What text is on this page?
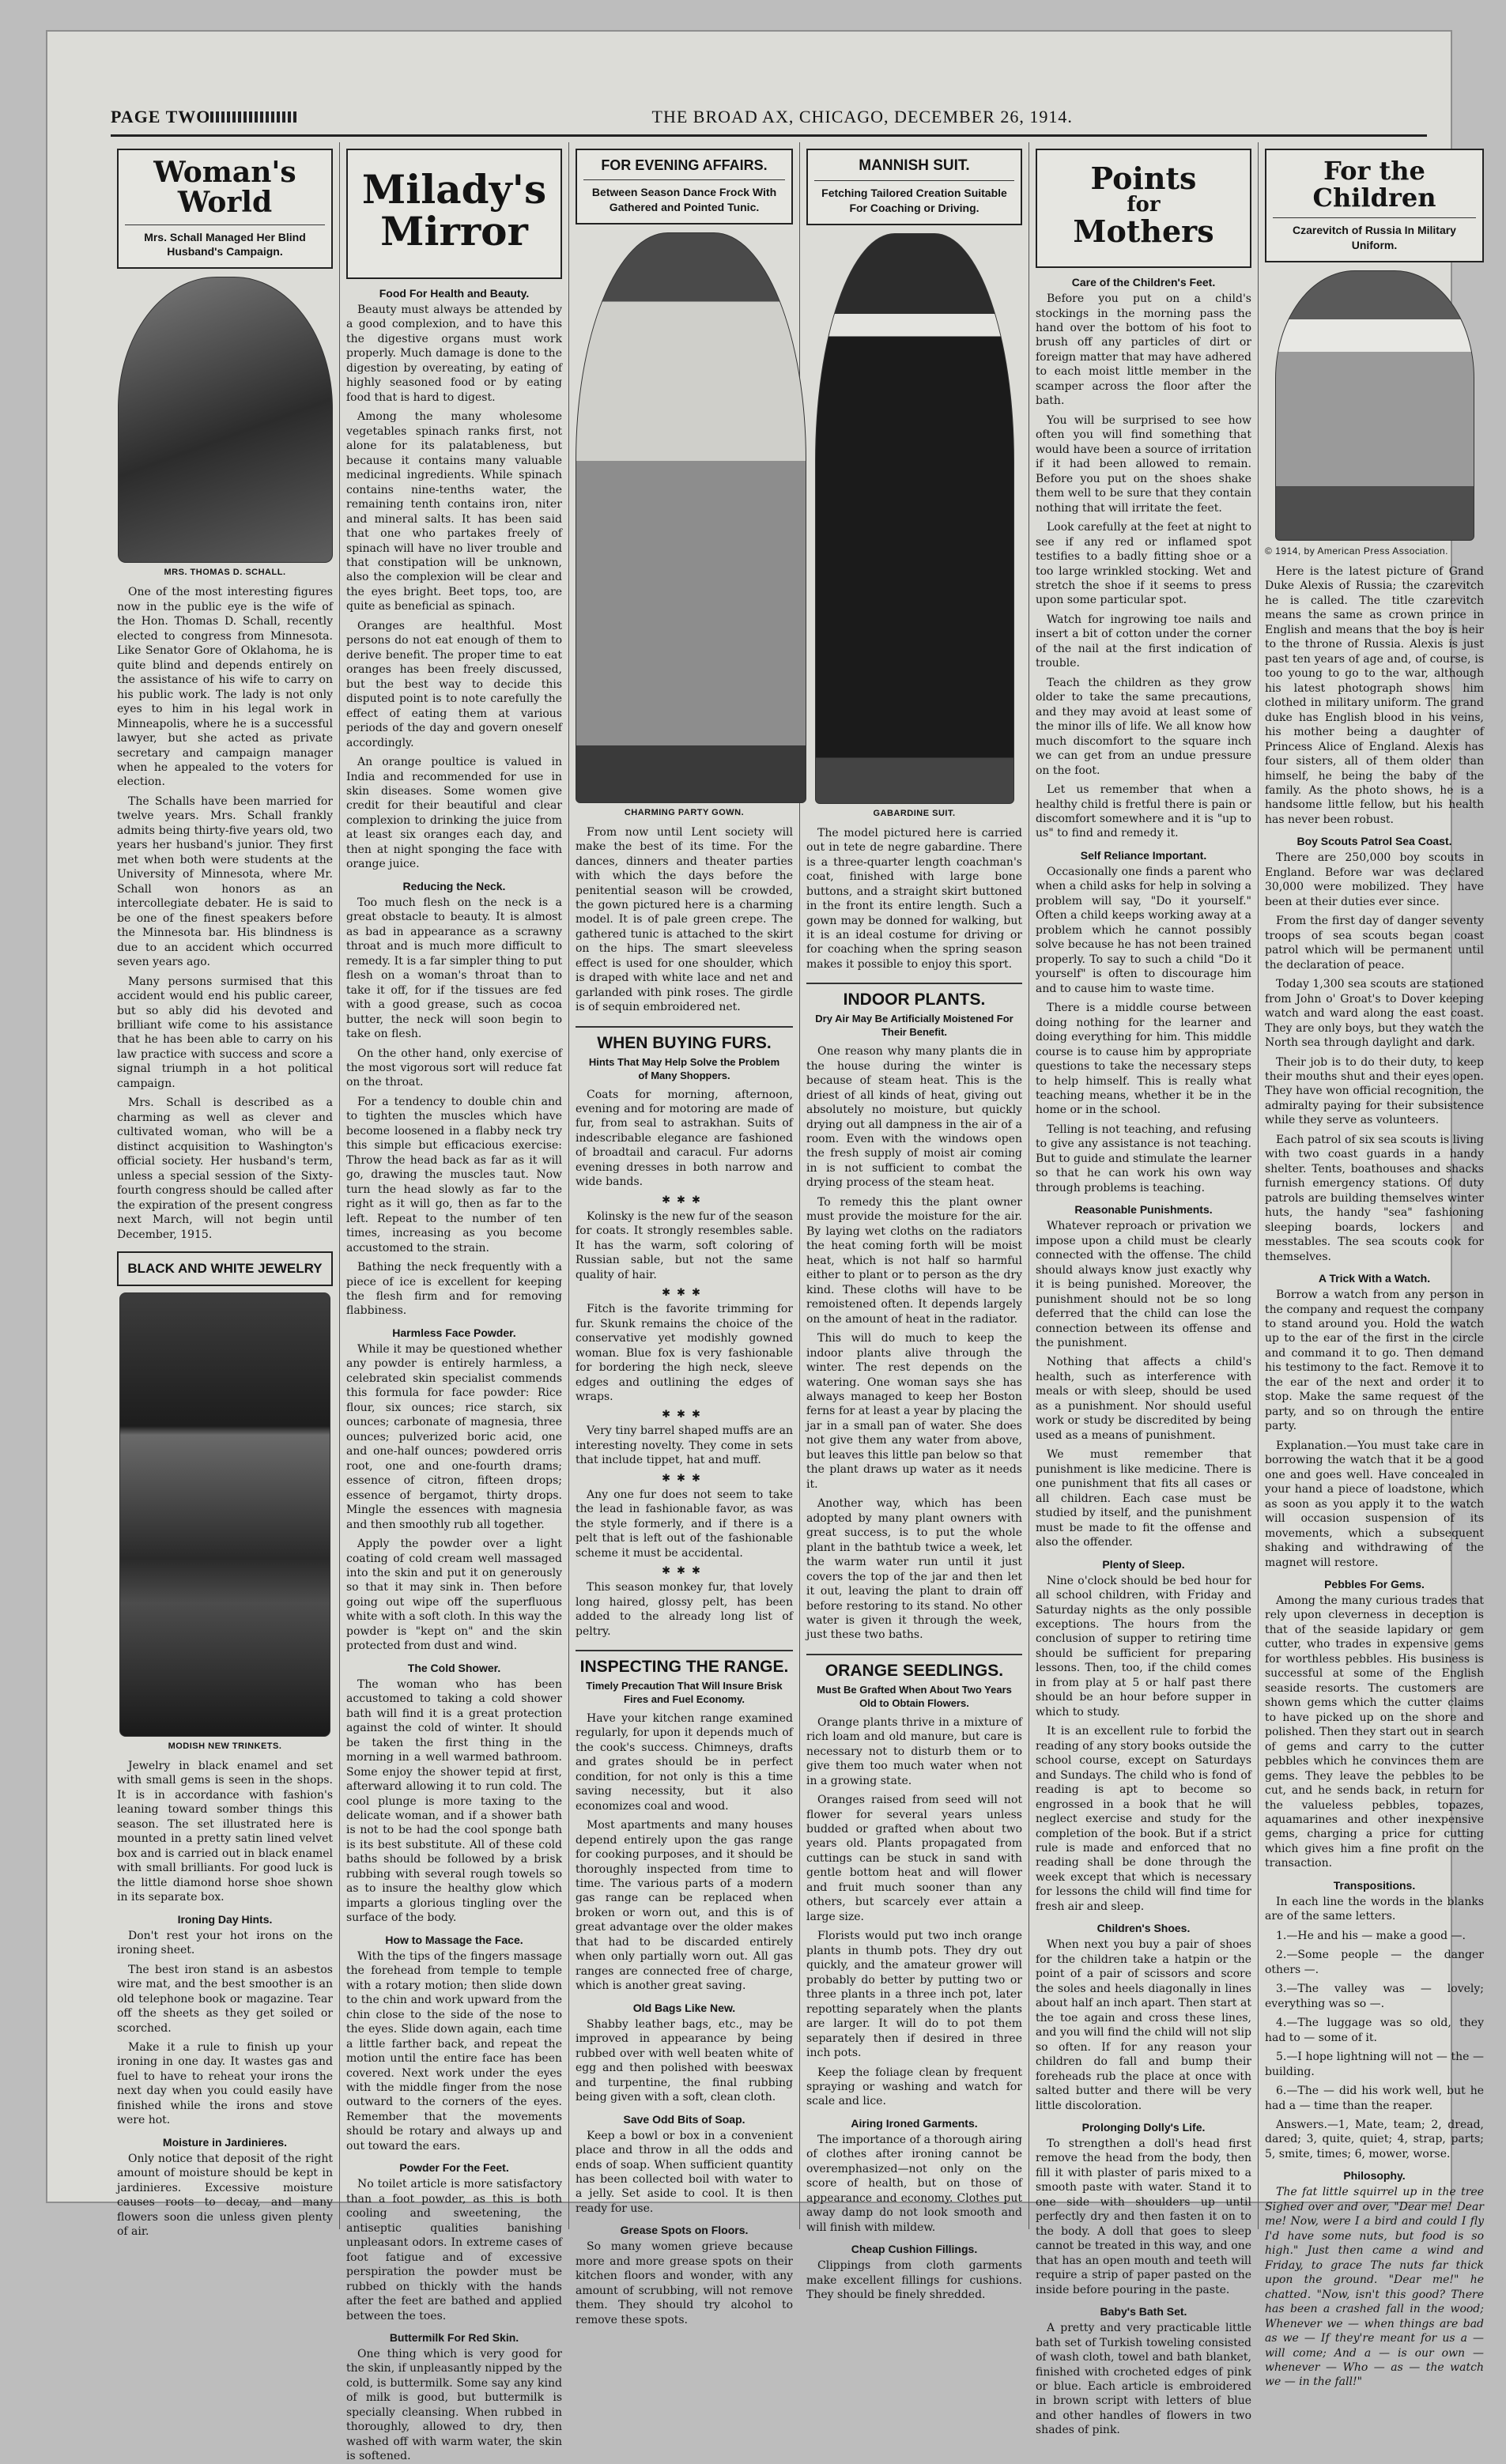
PAGE TWO	THE BROAD AX, CHICAGO, DECEMBER 26, 1914.
Woman's World
Mrs. Schall Managed Her Blind Husband's Campaign.
MRS. THOMAS D. SCHALL.

One of the most interesting figures now in the public eye is the wife of the Hon. Thomas D. Schall, recently elected to congress from Minnesota. Like Senator Gore of Oklahoma, he is quite blind and depends entirely on the assistance of his wife to carry on his public work. The lady is not only eyes to him in his legal work in Minneapolis, where he is a successful lawyer, but she acted as private secretary and campaign manager when he appealed to the voters for election.

The Schalls have been married for twelve years. Mrs. Schall frankly admits being thirty-five years old, two years her husband's junior. They first met when both were students at the University of Minnesota, where Mr. Schall won honors as an intercollegiate debater. He is said to be one of the finest speakers before the Minnesota bar. His blindness is due to an accident which occurred seven years ago.

Many persons surmised that this accident would end his public career, but so ably did his devoted and brilliant wife come to his assistance that he has been able to carry on his law practice with success and score a signal triumph in a hot political campaign.

Mrs. Schall is described as a charming as well as clever and cultivated woman, who will be a distinct acquisition to Washington's official society. Her husband's term, unless a special session of the Sixty-fourth congress should be called after the expiration of the present congress next March, will not begin until December, 1915.

BLACK AND WHITE JEWELRY
MODISH NEW TRINKETS.

Jewelry in black enamel and set with small gems is seen in the shops. It is in accordance with fashion's leaning toward somber things this season. The set illustrated here is mounted in a pretty satin lined velvet box and is carried out in black enamel with small brilliants. For good luck is the little diamond horse shoe shown in its separate box.

Ironing Day Hints.

Don't rest your hot irons on the ironing sheet.

The best iron stand is an asbestos wire mat, and the best smoother is an old telephone book or magazine. Tear off the sheets as they get soiled or scorched.

Make it a rule to finish up your ironing in one day. It wastes gas and fuel to have to reheat your irons the next day when you could easily have finished while the irons and stove were hot.

Moisture in Jardinieres.

Only notice that deposit of the right amount of moisture should be kept in jardinieres. Excessive moisture causes roots to decay, and many flowers soon die unless given plenty of air.

Milady's
Mirror
Food For Health and Beauty.

Beauty must always be attended by a good complexion, and to have this the digestive organs must work properly. Much damage is done to the digestion by overeating, by eating of highly seasoned food or by eating food that is hard to digest.

Among the many wholesome vegetables spinach ranks first, not alone for its palatableness, but because it contains many valuable medicinal ingredients. While spinach contains nine-tenths water, the remaining tenth contains iron, niter and mineral salts. It has been said that one who partakes freely of spinach will have no liver trouble and that constipation will be unknown, also the complexion will be clear and the eyes bright. Beet tops, too, are quite as beneficial as spinach.

Oranges are healthful. Most persons do not eat enough of them to derive benefit. The proper time to eat oranges has been freely discussed, but the best way to decide this disputed point is to note carefully the effect of eating them at various periods of the day and govern oneself accordingly.

An orange poultice is valued in India and recommended for use in skin diseases. Some women give credit for their beautiful and clear complexion to drinking the juice from at least six oranges each day, and then at night sponging the face with orange juice.

Reducing the Neck.

Too much flesh on the neck is a great obstacle to beauty. It is almost as bad in appearance as a scrawny throat and is much more difficult to remedy. It is a far simpler thing to put flesh on a woman's throat than to take it off, for if the tissues are fed with a good grease, such as cocoa butter, the neck will soon begin to take on flesh.

On the other hand, only exercise of the most vigorous sort will reduce fat on the throat.

For a tendency to double chin and to tighten the muscles which have become loosened in a flabby neck try this simple but efficacious exercise: Throw the head back as far as it will go, drawing the muscles taut. Now turn the head slowly as far to the right as it will go, then as far to the left. Repeat to the number of ten times, increasing as you become accustomed to the strain.

Bathing the neck frequently with a piece of ice is excellent for keeping the flesh firm and for removing flabbiness.

Harmless Face Powder.

While it may be questioned whether any powder is entirely harmless, a celebrated skin specialist commends this formula for face powder: Rice flour, six ounces; rice starch, six ounces; carbonate of magnesia, three ounces; pulverized boric acid, one and one-half ounces; powdered orris root, one and one-fourth drams; essence of citron, fifteen drops; essence of bergamot, thirty drops. Mingle the essences with magnesia and then smoothly rub all together.

Apply the powder over a light coating of cold cream well massaged into the skin and put it on generously so that it may sink in. Then before going out wipe off the superfluous white with a soft cloth. In this way the powder is "kept on" and the skin protected from dust and wind.

The Cold Shower.

The woman who has been accustomed to taking a cold shower bath will find it is a great protection against the cold of winter. It should be taken the first thing in the morning in a well warmed bathroom. Some enjoy the shower tepid at first, afterward allowing it to run cold. The cool plunge is more taxing to the delicate woman, and if a shower bath is not to be had the cool sponge bath is its best substitute. All of these cold baths should be followed by a brisk rubbing with several rough towels so as to insure the healthy glow which imparts a glorious tingling over the surface of the body.

How to Massage the Face.

With the tips of the fingers massage the forehead from temple to temple with a rotary motion; then slide down to the chin and work upward from the chin close to the side of the nose to the eyes. Slide down again, each time a little farther back, and repeat the motion until the entire face has been covered. Next work under the eyes with the middle finger from the nose outward to the corners of the eyes. Remember that the movements should be rotary and always up and out toward the ears.

Powder For the Feet.

No toilet article is more satisfactory than a foot powder, as this is both cooling and sweetening, the antiseptic qualities banishing unpleasant odors. In extreme cases of foot fatigue and of excessive perspiration the powder must be rubbed on thickly with the hands after the feet are bathed and applied between the toes.

Buttermilk For Red Skin.

One thing which is very good for the skin, if unpleasantly nipped by the cold, is buttermilk. Some say any kind of milk is good, but buttermilk is specially cleansing. When rubbed in thoroughly, allowed to dry, then washed off with warm water, the skin is softened.

FOR EVENING AFFAIRS.
Between Season Dance Frock With Gathered and Pointed Tunic.
CHARMING PARTY GOWN.

From now until Lent society will make the best of its time. For the dances, dinners and theater parties with which the days before the penitential season will be crowded, the gown pictured here is a charming model. It is of pale green crepe. The gathered tunic is attached to the skirt on the hips. The smart sleeveless effect is used for one shoulder, which is draped with white lace and net and garlanded with pink roses. The girdle is of sequin embroidered net.

WHEN BUYING FURS.
Hints That May Help Solve the Problem of Many Shoppers.

Coats for morning, afternoon, evening and for motoring are made of fur, from seal to astrakhan. Suits of indescribable elegance are fashioned of broadtail and caracul. Fur adorns evening dresses in both narrow and wide bands.

✱✱✱

Kolinsky is the new fur of the season for coats. It strongly resembles sable. It has the warm, soft coloring of Russian sable, but not the same quality of hair.

✱✱✱

Fitch is the favorite trimming for fur. Skunk remains the choice of the conservative yet modishly gowned woman. Blue fox is very fashionable for bordering the high neck, sleeve edges and outlining the edges of wraps.

✱✱✱

Very tiny barrel shaped muffs are an interesting novelty. They come in sets that include tippet, hat and muff.

✱✱✱

Any one fur does not seem to take the lead in fashionable favor, as was the style formerly, and if there is a pelt that is left out of the fashionable scheme it must be accidental.

✱✱✱

This season monkey fur, that lovely long haired, glossy pelt, has been added to the already long list of peltry.

INSPECTING THE RANGE.
Timely Precaution That Will Insure Brisk Fires and Fuel Economy.

Have your kitchen range examined regularly, for upon it depends much of the cook's success. Chimneys, drafts and grates should be in perfect condition, for not only is this a time saving necessity, but it also economizes coal and wood.

Most apartments and many houses depend entirely upon the gas range for cooking purposes, and it should be thoroughly inspected from time to time. The various parts of a modern gas range can be replaced when broken or worn out, and this is of great advantage over the older makes that had to be discarded entirely when only partially worn out. All gas ranges are connected free of charge, which is another great saving.

Old Bags Like New.

Shabby leather bags, etc., may be improved in appearance by being rubbed over with well beaten white of egg and then polished with beeswax and turpentine, the final rubbing being given with a soft, clean cloth.

Save Odd Bits of Soap.

Keep a bowl or box in a convenient place and throw in all the odds and ends of soap. When sufficient quantity has been collected boil with water to a jelly. Set aside to cool. It is then ready for use.

Grease Spots on Floors.

So many women grieve because more and more grease spots on their kitchen floors and wonder, with any amount of scrubbing, will not remove them. They should try alcohol to remove these spots.

MANNISH SUIT.
Fetching Tailored Creation Suitable For Coaching or Driving.
GABARDINE SUIT.

The model pictured here is carried out in tete de negre gabardine. There is a three-quarter length coachman's coat, finished with large bone buttons, and a straight skirt buttoned in the front its entire length. Such a gown may be donned for walking, but it is an ideal costume for driving or for coaching when the spring season makes it possible to enjoy this sport.

INDOOR PLANTS.
Dry Air May Be Artificially Moistened For Their Benefit.

One reason why many plants die in the house during the winter is because of steam heat. This is the driest of all kinds of heat, giving out absolutely no moisture, but quickly drying out all dampness in the air of a room. Even with the windows open the fresh supply of moist air coming in is not sufficient to combat the drying process of the steam heat.

To remedy this the plant owner must provide the moisture for the air. By laying wet cloths on the radiators the heat coming forth will be moist heat, which is not half so harmful either to plant or to person as the dry kind. These cloths will have to be remoistened often. It depends largely on the amount of heat in the radiator.

This will do much to keep the indoor plants alive through the winter. The rest depends on the watering. One woman says she has always managed to keep her Boston ferns for at least a year by placing the jar in a small pan of water. She does not give them any water from above, but leaves this little pan below so that the plant draws up water as it needs it.

Another way, which has been adopted by many plant owners with great success, is to put the whole plant in the bathtub twice a week, let the warm water run until it just covers the top of the jar and then let it out, leaving the plant to drain off before restoring to its stand. No other water is given it through the week, just these two baths.

ORANGE SEEDLINGS.
Must Be Grafted When About Two Years Old to Obtain Flowers.

Orange plants thrive in a mixture of rich loam and old manure, but care is necessary not to disturb them or to give them too much water when not in a growing state.

Oranges raised from seed will not flower for several years unless budded or grafted when about two years old. Plants propagated from cuttings can be stuck in sand with gentle bottom heat and will flower and fruit much sooner than any others, but scarcely ever attain a large size.

Florists would put two inch orange plants in thumb pots. They dry out quickly, and the amateur grower will probably do better by putting two or three plants in a three inch pot, later repotting separately when the plants are larger. It will do to pot them separately then if desired in three inch pots.

Keep the foliage clean by frequent spraying or washing and watch for scale and lice.

Airing Ironed Garments.

The importance of a thorough airing of clothes after ironing cannot be overemphasized—not only on the score of health, but on those of appearance and economy. Clothes put away damp do not look smooth and will finish with mildew.

Cheap Cushion Fillings.

Clippings from cloth garments make excellent fillings for cushions. They should be finely shredded.

Points
for
Mothers
Care of the Children's Feet.

Before you put on a child's stockings in the morning pass the hand over the bottom of his foot to brush off any particles of dirt or foreign matter that may have adhered to each moist little member in the scamper across the floor after the bath.

You will be surprised to see how often you will find something that would have been a source of irritation if it had been allowed to remain. Before you put on the shoes shake them well to be sure that they contain nothing that will irritate the feet.

Look carefully at the feet at night to see if any red or inflamed spot testifies to a badly fitting shoe or a too large wrinkled stocking. Wet and stretch the shoe if it seems to press upon some particular spot.

Watch for ingrowing toe nails and insert a bit of cotton under the corner of the nail at the first indication of trouble.

Teach the children as they grow older to take the same precautions, and they may avoid at least some of the minor ills of life. We all know how much discomfort to the square inch we can get from an undue pressure on the foot.

Let us remember that when a healthy child is fretful there is pain or discomfort somewhere and it is "up to us" to find and remedy it.

Self Reliance Important.

Occasionally one finds a parent who when a child asks for help in solving a problem will say, "Do it yourself." Often a child keeps working away at a problem which he cannot possibly solve because he has not been trained properly. To say to such a child "Do it yourself" is often to discourage him and to cause him to waste time.

There is a middle course between doing nothing for the learner and doing everything for him. This middle course is to cause him by appropriate questions to take the necessary steps to help himself. This is really what teaching means, whether it be in the home or in the school.

Telling is not teaching, and refusing to give any assistance is not teaching. But to guide and stimulate the learner so that he can work his own way through problems is teaching.

Reasonable Punishments.

Whatever reproach or privation we impose upon a child must be clearly connected with the offense. The child should always know just exactly why it is being punished. Moreover, the punishment should not be so long deferred that the child can lose the connection between its offense and the punishment.

Nothing that affects a child's health, such as interference with meals or with sleep, should be used as a punishment. Nor should useful work or study be discredited by being used as a means of punishment.

We must remember that punishment is like medicine. There is one punishment that fits all cases or all children. Each case must be studied by itself, and the punishment must be made to fit the offense and also the offender.

Plenty of Sleep.

Nine o'clock should be bed hour for all school children, with Friday and Saturday nights as the only possible exceptions. The hours from the conclusion of supper to retiring time should be sufficient for preparing lessons. Then, too, if the child comes in from play at 5 or half past there should be an hour before supper in which to study.

It is an excellent rule to forbid the reading of any story books outside the school course, except on Saturdays and Sundays. The child who is fond of reading is apt to become so engrossed in a book that he will neglect exercise and study for the completion of the book. But if a strict rule is made and enforced that no reading shall be done through the week except that which is necessary for lessons the child will find time for fresh air and sleep.

Children's Shoes.

When next you buy a pair of shoes for the children take a hatpin or the point of a pair of scissors and score the soles and heels diagonally in lines about half an inch apart. Then start at the toe again and cross these lines, and you will find the child will not slip so often. If for any reason your children do fall and bump their foreheads rub the place at once with salted butter and there will be very little discoloration.

Prolonging Dolly's Life.

To strengthen a doll's head first remove the head from the body, then fill it with plaster of paris mixed to a smooth paste with water. Stand it to one side with shoulders up until perfectly dry and then fasten it on to the body. A doll that goes to sleep cannot be treated in this way, and one that has an open mouth and teeth will require a strip of paper pasted on the inside before pouring in the paste.

Baby's Bath Set.

A pretty and very practicable little bath set of Turkish toweling consisted of wash cloth, towel and bath blanket, finished with crocheted edges of pink or blue. Each article is embroidered in brown script with letters of blue and other handles of flowers in two shades of pink.

For the Children
Czarevitch of Russia In Military Uniform.
© 1914, by American Press Association.

Here is the latest picture of Grand Duke Alexis of Russia; the czarevitch he is called. The title czarevitch means the same as crown prince in English and means that the boy is heir to the throne of Russia. Alexis is just past ten years of age and, of course, is too young to go to the war, although his latest photograph shows him clothed in military uniform. The grand duke has English blood in his veins, his mother being a daughter of Princess Alice of England. Alexis has four sisters, all of them older than himself, he being the baby of the family. As the photo shows, he is a handsome little fellow, but his health has never been robust.

Boy Scouts Patrol Sea Coast.

There are 250,000 boy scouts in England. Before war was declared 30,000 were mobilized. They have been at their duties ever since.

From the first day of danger seventy troops of sea scouts began coast patrol which will be permanent until the declaration of peace.

Today 1,300 sea scouts are stationed from John o' Groat's to Dover keeping watch and ward along the east coast. They are only boys, but they watch the North sea through daylight and dark.

Their job is to do their duty, to keep their mouths shut and their eyes open. They have won official recognition, the admiralty paying for their subsistence while they serve as volunteers.

Each patrol of six sea scouts is living with two coast guards in a handy shelter. Tents, boathouses and shacks furnish emergency stations. Of duty patrols are building themselves winter huts, the handy "sea" fashioning sleeping boards, lockers and messtables. The sea scouts cook for themselves.

A Trick With a Watch.

Borrow a watch from any person in the company and request the company to stand around you. Hold the watch up to the ear of the first in the circle and command it to go. Then demand his testimony to the fact. Remove it to the ear of the next and order it to stop. Make the same request of the party, and so on through the entire party.

Explanation.—You must take care in borrowing the watch that it be a good one and goes well. Have concealed in your hand a piece of loadstone, which as soon as you apply it to the watch will occasion suspension of its movements, which a subsequent shaking and withdrawing of the magnet will restore.

Pebbles For Gems.

Among the many curious trades that rely upon cleverness in deception is that of the seaside lapidary or gem cutter, who trades in expensive gems for worthless pebbles. His business is successful at some of the English seaside resorts. The customers are shown gems which the cutter claims to have picked up on the shore and polished. Then they start out in search of gems and carry to the cutter pebbles which he convinces them are gems. They leave the pebbles to be cut, and he sends back, in return for the valueless pebbles, topazes, aquamarines and other inexpensive gems, charging a price for cutting which gives him a fine profit on the transaction.

Transpositions.

In each line the words in the blanks are of the same letters.

1.—He and his — make a good —.

2.—Some people — the danger others —.

3.—The valley was — lovely; everything was so —.

4.—The luggage was so old, they had to — some of it.

5.—I hope lightning will not — the — building.

6.—The — did his work well, but he had a — time than the reaper.

Answers.—1, Mate, team; 2, dread, dared; 3, quite, quiet; 4, strap, parts; 5, smite, times; 6, mower, worse.

Philosophy.

The fat little squirrel up in the tree Sighed over and over, "Dear me! Dear me! Now, were I a bird and could I fly I'd have some nuts, but food is so high." Just then came a wind and Friday, to grace The nuts far thick upon the ground. "Dear me!" he chatted. "Now, isn't this good? There has been a crashed fall in the wood; Whenever we — when things are bad as we — If they're meant for us a — will come; And a — is our own — whenever — Who — as — the watch we — in the fall!"
